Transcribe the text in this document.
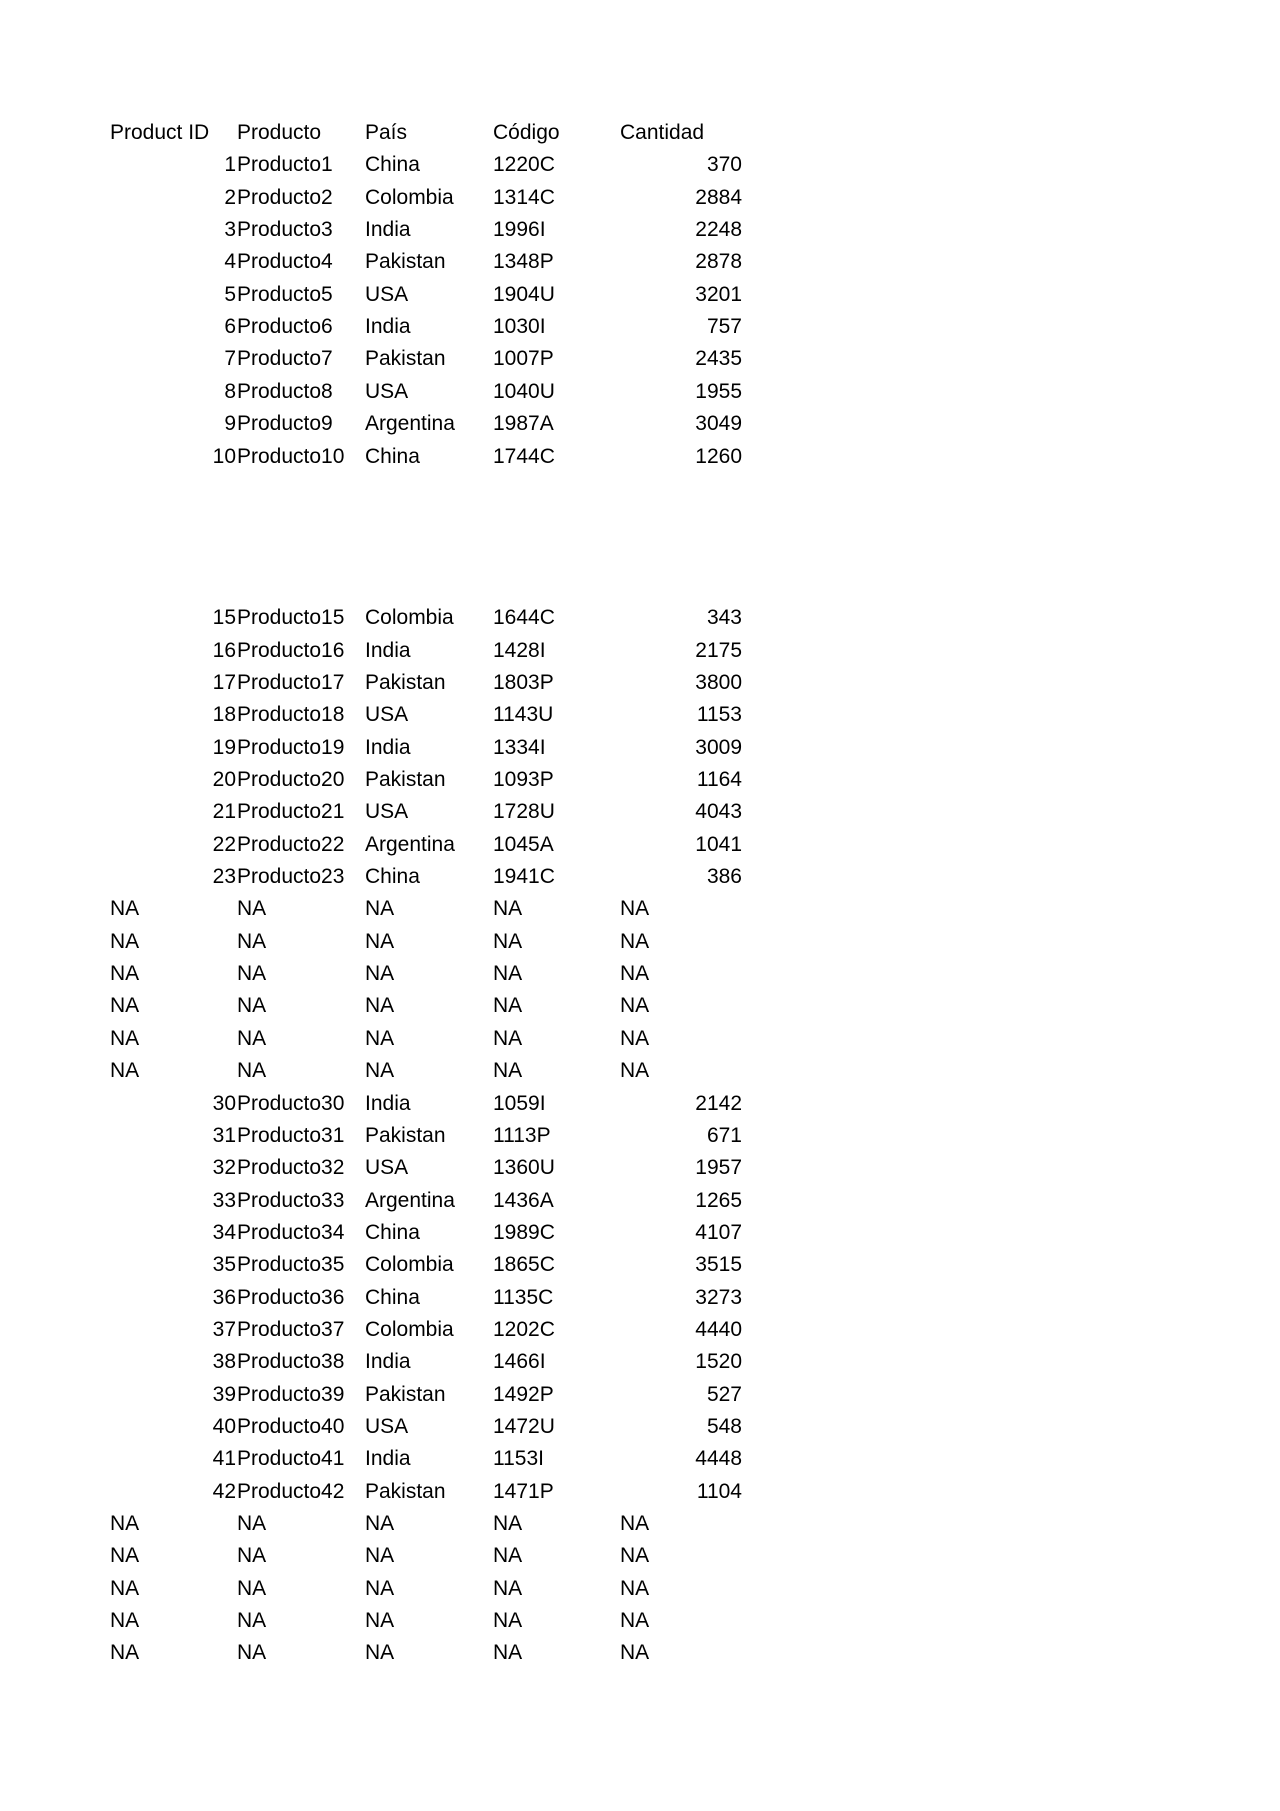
Product ID Producto	País	Código	Cantidad
1 Producto1	China	1220C	370
2 Producto2	Colombia	1314C	2884
3 Producto3	India	1996I	2248
4 Producto4	Pakistan	1348P	2878
5 Producto5	USA	1904U	3201
6 Producto6	India	1030I	757
7 Producto7	Pakistan	1007P	2435
8 Producto8	USA	1040U	1955
9 Producto9	Argentina	1987A	3049
10 Producto10 China	1744C	1260
15 Producto15 Colombia	1644C	343
16 Producto16 India	1428I	2175
17 Producto17 Pakistan	1803P	3800
18 Producto18 USA	1143U	1153
19 Producto19 India	1334I	3009
20 Producto20 Pakistan	1093P	1164
21 Producto21 USA	1728U	4043
22 Producto22 Argentina	1045A	1041
23 Producto23 China	1941C	386
NA	NA	NA	NA	NA
NA	NA	NA	NA	NA
NA	NA	NA	NA	NA
NA	NA	NA	NA	NA
NA	NA	NA	NA	NA
NA	NA	NA	NA	NA
30 Producto30 India	1059I	2142
31 Producto31 Pakistan	1113P	671
32 Producto32 USA	1360U	1957
33 Producto33 Argentina	1436A	1265
34 Producto34 China	1989C	4107
35 Producto35 Colombia	1865C	3515
36 Producto36 China	1135C	3273
37 Producto37 Colombia	1202C	4440
38 Producto38 India	1466I	1520
39 Producto39 Pakistan	1492P	527
40 Producto40 USA	1472U	548
41 Producto41 India	1153I	4448
42 Producto42 Pakistan	1471P	1104
NA	NA	NA	NA	NA
NA	NA	NA	NA	NA
NA	NA	NA	NA	NA
NA	NA	NA	NA	NA
NA	NA	NA	NA	NA
